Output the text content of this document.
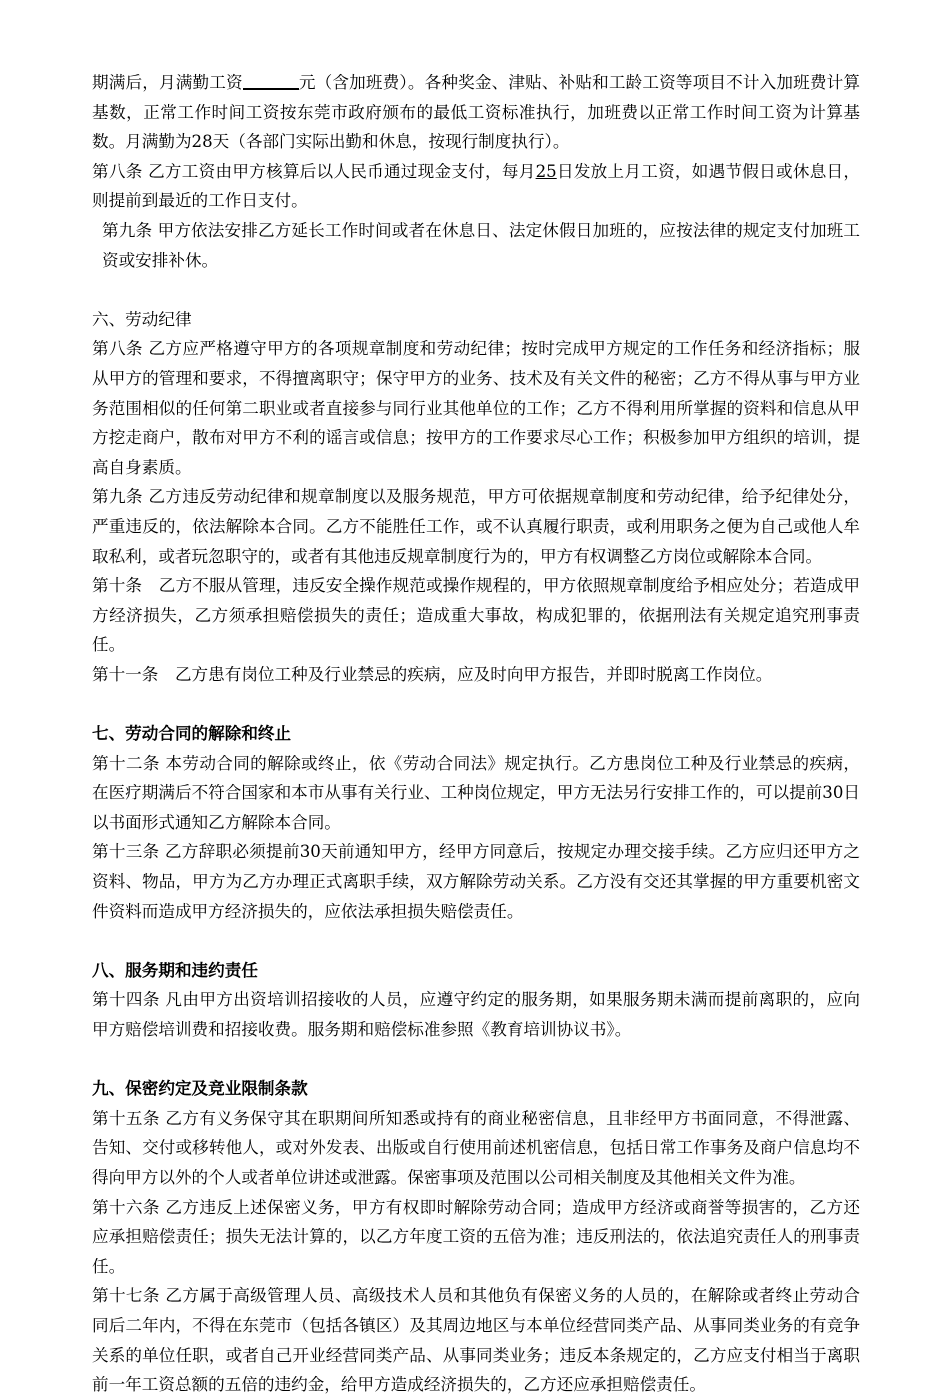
期满后，月满勤工资	元（含加班费）。各种奖金、津贴、补贴和工龄工资等项目不计入加班费计算基数，正常工作时间工资按东莞市政府颁布的最低工资标准执行，加班费以正常工作时间工资为计算基数。月满勤为28天（各部门实际出勤和休息，按现行制度执行）。

第八条 乙方工资由甲方核算后以人民币通过现金支付，每月25日发放上月工资，如遇节假日或休息日，则提前到最近的工作日支付。

第九条 甲方依法安排乙方延长工作时间或者在休息日、法定休假日加班的，应按法律的规定支付加班工资或安排补休。

六、劳动纪律

第八条 乙方应严格遵守甲方的各项规章制度和劳动纪律；按时完成甲方规定的工作任务和经济指标；服从甲方的管理和要求，不得擅离职守；保守甲方的业务、技术及有关文件的秘密；乙方不得从事与甲方业务范围相似的任何第二职业或者直接参与同行业其他单位的工作；乙方不得利用所掌握的资料和信息从甲方挖走商户，散布对甲方不利的谣言或信息；按甲方的工作要求尽心工作；积极参加甲方组织的培训，提高自身素质。

第九条 乙方违反劳动纪律和规章制度以及服务规范，甲方可依据规章制度和劳动纪律，给予纪律处分，严重违反的，依法解除本合同。乙方不能胜任工作，或不认真履行职责，或利用职务之便为自己或他人牟取私利，或者玩忽职守的，或者有其他违反规章制度行为的，甲方有权调整乙方岗位或解除本合同。

第十条　乙方不服从管理，违反安全操作规范或操作规程的，甲方依照规章制度给予相应处分；若造成甲方经济损失，乙方须承担赔偿损失的责任；造成重大事故，构成犯罪的，依据刑法有关规定追究刑事责任。

第十一条　乙方患有岗位工种及行业禁忌的疾病，应及时向甲方报告，并即时脱离工作岗位。

七、劳动合同的解除和终止

第十二条 本劳动合同的解除或终止，依《劳动合同法》规定执行。乙方患岗位工种及行业禁忌的疾病，在医疗期满后不符合国家和本市从事有关行业、工种岗位规定，甲方无法另行安排工作的，可以提前30日以书面形式通知乙方解除本合同。

第十三条 乙方辞职必须提前30天前通知甲方，经甲方同意后，按规定办理交接手续。乙方应归还甲方之资料、物品，甲方为乙方办理正式离职手续，双方解除劳动关系。乙方没有交还其掌握的甲方重要机密文件资料而造成甲方经济损失的，应依法承担损失赔偿责任。

八、服务期和违约责任

第十四条 凡由甲方出资培训招接收的人员，应遵守约定的服务期，如果服务期未满而提前离职的，应向甲方赔偿培训费和招接收费。服务期和赔偿标准参照《教育培训协议书》。

九、保密约定及竞业限制条款

第十五条 乙方有义务保守其在职期间所知悉或持有的商业秘密信息，且非经甲方书面同意，不得泄露、告知、交付或移转他人，或对外发表、出版或自行使用前述机密信息，包括日常工作事务及商户信息均不得向甲方以外的个人或者单位讲述或泄露。保密事项及范围以公司相关制度及其他相关文件为准。

第十六条 乙方违反上述保密义务，甲方有权即时解除劳动合同；造成甲方经济或商誉等损害的，乙方还应承担赔偿责任；损失无法计算的，以乙方年度工资的五倍为准；违反刑法的，依法追究责任人的刑事责任。

第十七条 乙方属于高级管理人员、高级技术人员和其他负有保密义务的人员的，在解除或者终止劳动合同后二年内，不得在东莞市（包括各镇区）及其周边地区与本单位经营同类产品、从事同类业务的有竞争关系的单位任职，或者自己开业经营同类产品、从事同类业务；违反本条规定的，乙方应支付相当于离职前一年工资总额的五倍的违约金，给甲方造成经济损失的，乙方还应承担赔偿责任。
